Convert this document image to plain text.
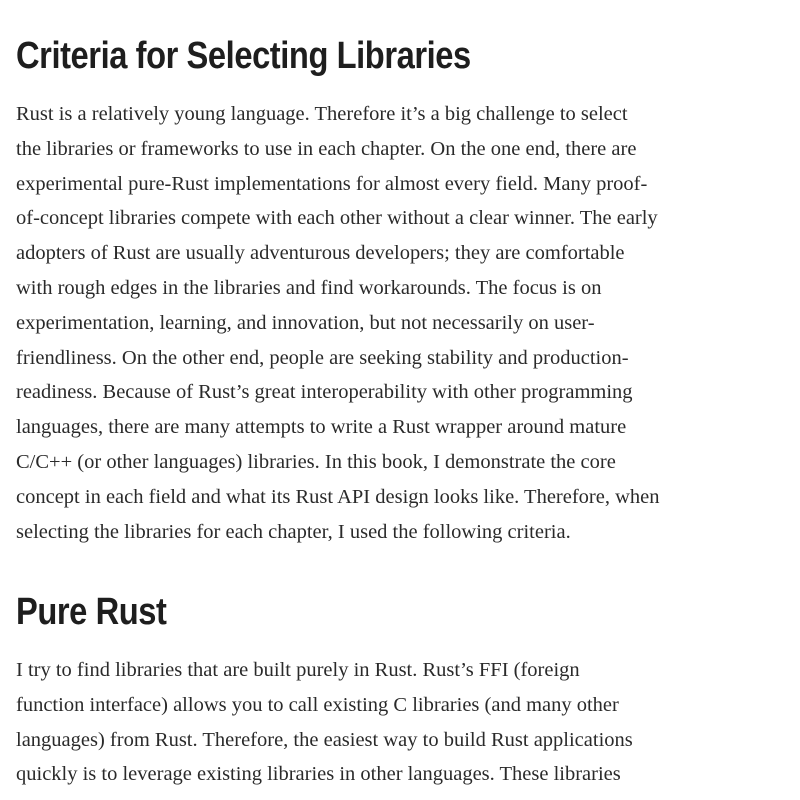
Criteria for Selecting Libraries
Rust is a relatively young language. Therefore it’s a big challenge to select
the libraries or frameworks to use in each chapter. On the one end, there are
experimental pure-Rust implementations for almost every field. Many proof-
of-concept libraries compete with each other without a clear winner. The early
adopters of Rust are usually adventurous developers; they are comfortable
with rough edges in the libraries and find workarounds. The focus is on
experimentation, learning, and innovation, but not necessarily on user-
friendliness. On the other end, people are seeking stability and production-
readiness. Because of Rust’s great interoperability with other programming
languages, there are many attempts to write a Rust wrapper around mature
C/C++ (or other languages) libraries. In this book, I demonstrate the core
concept in each field and what its Rust API design looks like. Therefore, when
selecting the libraries for each chapter, I used the following criteria.
Pure Rust
I try to find libraries that are built purely in Rust. Rust’s FFI (foreign
function interface) allows you to call existing C libraries (and many other
languages) from Rust. Therefore, the easiest way to build Rust applications
quickly is to leverage existing libraries in other languages. These libraries
